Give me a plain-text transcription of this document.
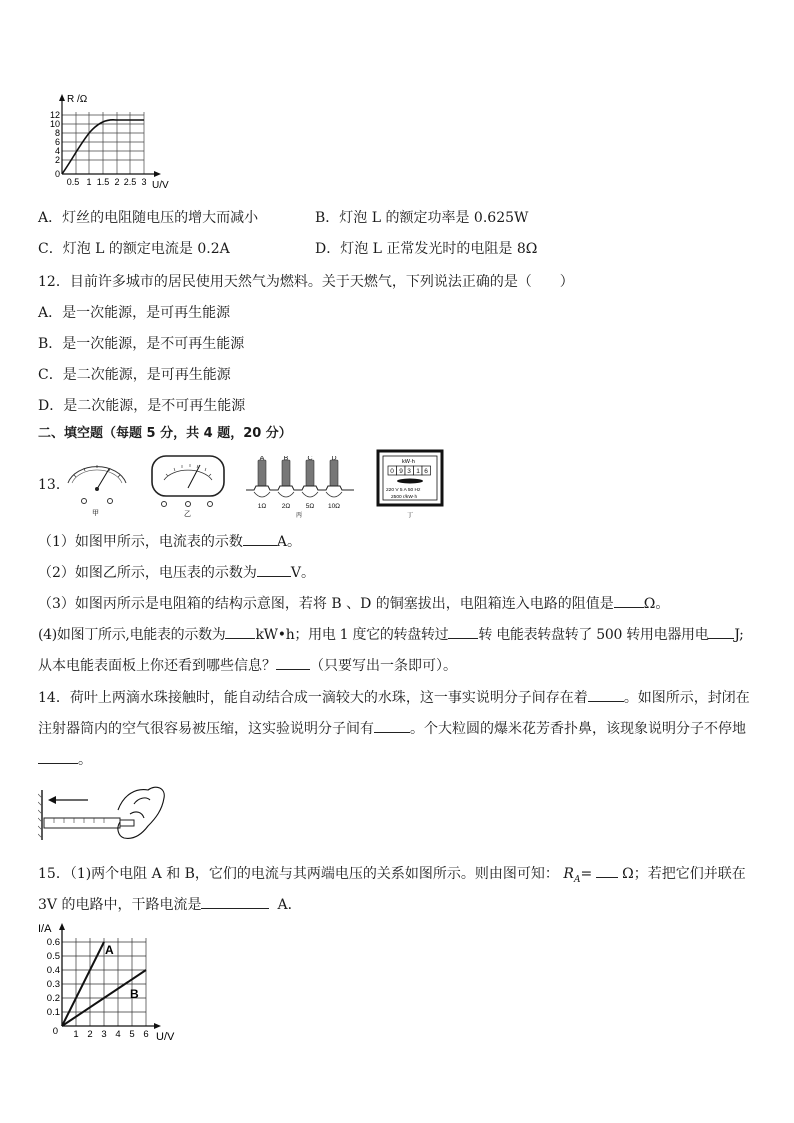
R /Ω
U/V
12
10
8
6
4
2
0
0.5 1 1.5 2 2.5 3
A．灯丝的电阻随电压的增大而减小	B．灯泡 L 的额定功率是 0.625W
C．灯泡 L 的额定电流是 0.2A	D．灯泡 L 正常发光时的电阻是 8Ω
12．目前许多城市的居民使用天然气为燃料。关于天燃气，下列说法正确的是（　　）
A．是一次能源，是可再生能源
B．是一次能源，是不可再生能源
C．是二次能源，是可再生能源
D．是二次能源，是不可再生能源
二、填空题（每题 5 分，共 4 题，20 分）
13．
甲	乙
A	B	C	D
1Ω 2Ω 5Ω 10Ω
丙
kW·h
0 9 3 1 6
220 V 5 A 50 Hz
2500 r/kW·h
丁
（1）如图甲所示，电流表的示数 A。
（2）如图乙所示，电压表的示数为 V。
（3）如图丙所示是电阻箱的结构示意图，若将 B 、D 的铜塞拔出，电阻箱连入电路的阻值是 Ω。
(4)如图丁所示,电能表的示数为 kW•h；用电 1 度它的转盘转过 转 电能表转盘转了 500 转用电器用电 J;
从本电能表面板上你还看到哪些信息？ （只要写出一条即可）。
14．荷叶上两滴水珠接触时，能自动结合成一滴较大的水珠，这一事实说明分子间存在着	。如图所示，封闭在
注射器筒内的空气很容易被压缩，这实验说明分子间有	。个大粒圆的爆米花芳香扑鼻，该现象说明分子不停地
。
15．（1)两个电阻 A 和 B，它们的电流与其两端电压的关系如图所示。则由图可知： $R_A= \Omega$；若把它们并联在
3V 的电路中，干路电流是	A．
A
B
I/A
U/V
0.6
0.5
0.4
0.3
0.2
0.1
0 1 2 3 4 5 6
